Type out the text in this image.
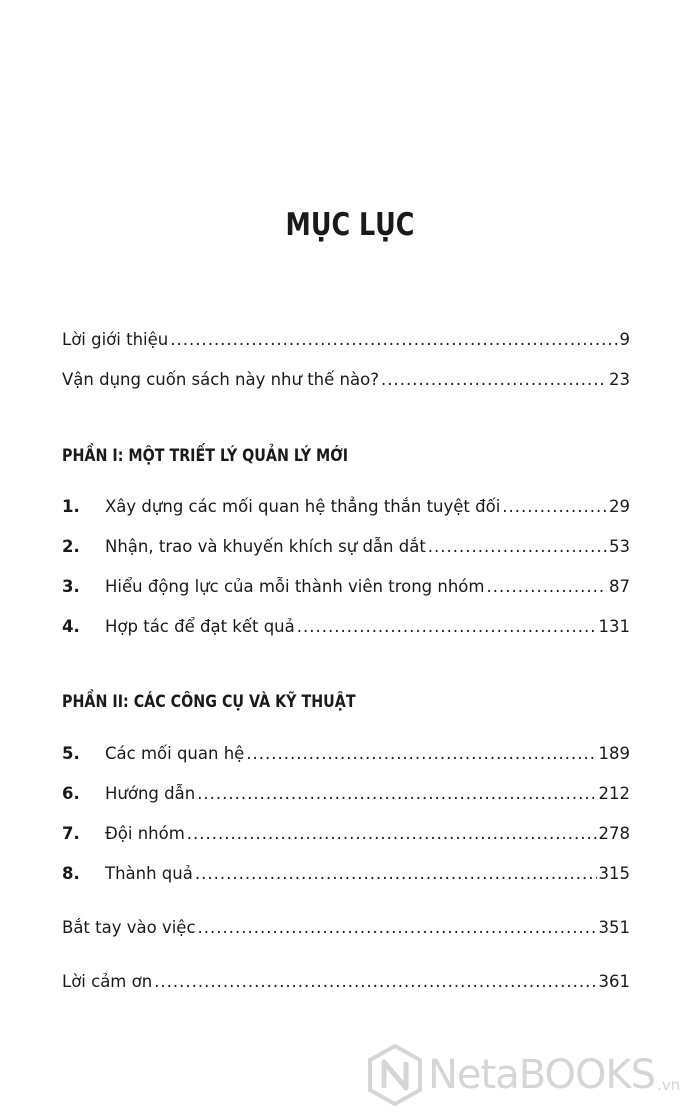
MỤC LỤC
Lời giới thiệu .....	9
Vận dụng cuốn sách này như thế nào? .....	23
PHẦN I: MỘT TRIẾT LÝ QUẢN LÝ MỚI
1.	Xây dựng các mối quan hệ thẳng thắn tuyệt đối .....	29
2.	Nhận, trao và khuyến khích sự dẫn dắt .....	53
3.	Hiểu động lực của mỗi thành viên trong nhóm .....	87
4.	Hợp tác để đạt kết quả .....	131
PHẦN II: CÁC CÔNG CỤ VÀ KỸ THUẬT
5.	Các mối quan hệ .....	189
6.	Hướng dẫn .....	212
7.	Đội nhóm .....	278
8.	Thành quả .....	315
Bắt tay vào việc .....	351
Lời cảm ơn .....	361
NetaBOOKS .vn
